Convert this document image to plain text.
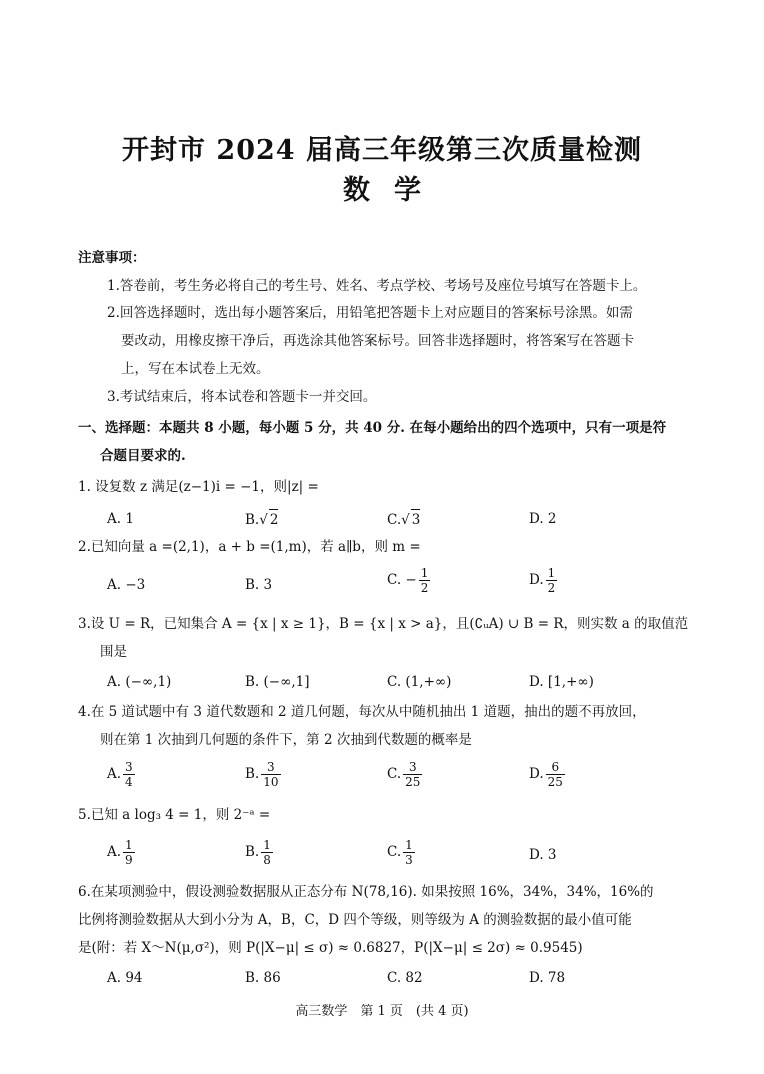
开封市 2024 届高三年级第三次质量检测
数学
注意事项：
1.答卷前，考生务必将自己的考生号、姓名、考点学校、考场号及座位号填写在答题卡上。
2.回答选择题时，选出每小题答案后，用铅笔把答题卡上对应题目的答案标号涂黑。如需
要改动，用橡皮擦干净后，再选涂其他答案标号。回答非选择题时，将答案写在答题卡
上，写在本试卷上无效。
3.考试结束后，将本试卷和答题卡一并交回。
一、选择题：本题共 8 小题，每小题 5 分，共 40 分. 在每小题给出的四个选项中，只有一项是符
合题目要求的.
1. 设复数 z 满足(z−1)i = −1，则|z| =
A. 1	B.√ 2	C.√ 3	D. 2
2.已知向量 a =(2,1)，a + b =(1,m)，若 a∥b，则 m =
A. −3	B. 3	C. − $\frac{1}{2}$	D. $\frac{1}{2}$
3.设 U = R，已知集合 A = {x | x ≥ 1}，B = {x | x > a}，且(∁ᵤA) ∪ B = R，则实数 a 的取值范
围是
A. (−∞,1)	B. (−∞,1]	C. (1,+∞)	D. [1,+∞)
4.在 5 道试题中有 3 道代数题和 2 道几何题，每次从中随机抽出 1 道题，抽出的题不再放回，
则在第 1 次抽到几何题的条件下，第 2 次抽到代数题的概率是
A. $\frac{3}{4}$	B. $\frac{3}{10}$	C. $\frac{3}{25}$	D. $\frac{6}{25}$
5.已知 a log₃ 4 = 1，则 2⁻ᵃ =
A. $\frac{1}{9}$	B. $\frac{1}{8}$	C. $\frac{1}{3}$	D. 3
6.在某项测验中，假设测验数据服从正态分布 N(78,16). 如果按照 16%，34%，34%，16%的
比例将测验数据从大到小分为 A，B，C，D 四个等级，则等级为 A 的测验数据的最小值可能
是(附：若 X～N(μ,σ²)，则 P(|X−μ| ≤ σ) ≈ 0.6827，P(|X−μ| ≤ 2σ) ≈ 0.9545)
A. 94	B. 86	C. 82	D. 78
高三数学　第 1 页　(共 4 页)
